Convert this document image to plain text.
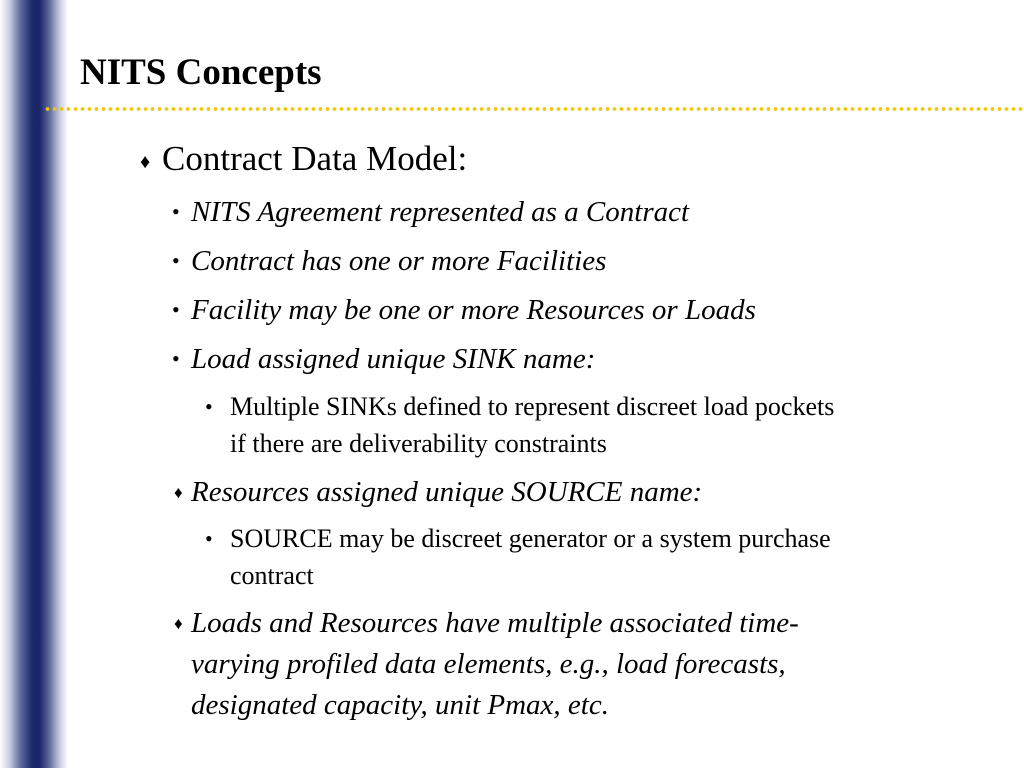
NITS Concepts
♦ Contract Data Model:
• NITS Agreement represented as a Contract
• Contract has one or more Facilities
• Facility may be one or more Resources or Loads
• Load assigned unique SINK name:
• Multiple SINKs defined to represent discreet load pockets
if there are deliverability constraints
♦ Resources assigned unique SOURCE name:
• SOURCE may be discreet generator or a system purchase
contract
♦ Loads and Resources have multiple associated time-
varying profiled data elements, e.g., load forecasts,
designated capacity, unit Pmax, etc.
